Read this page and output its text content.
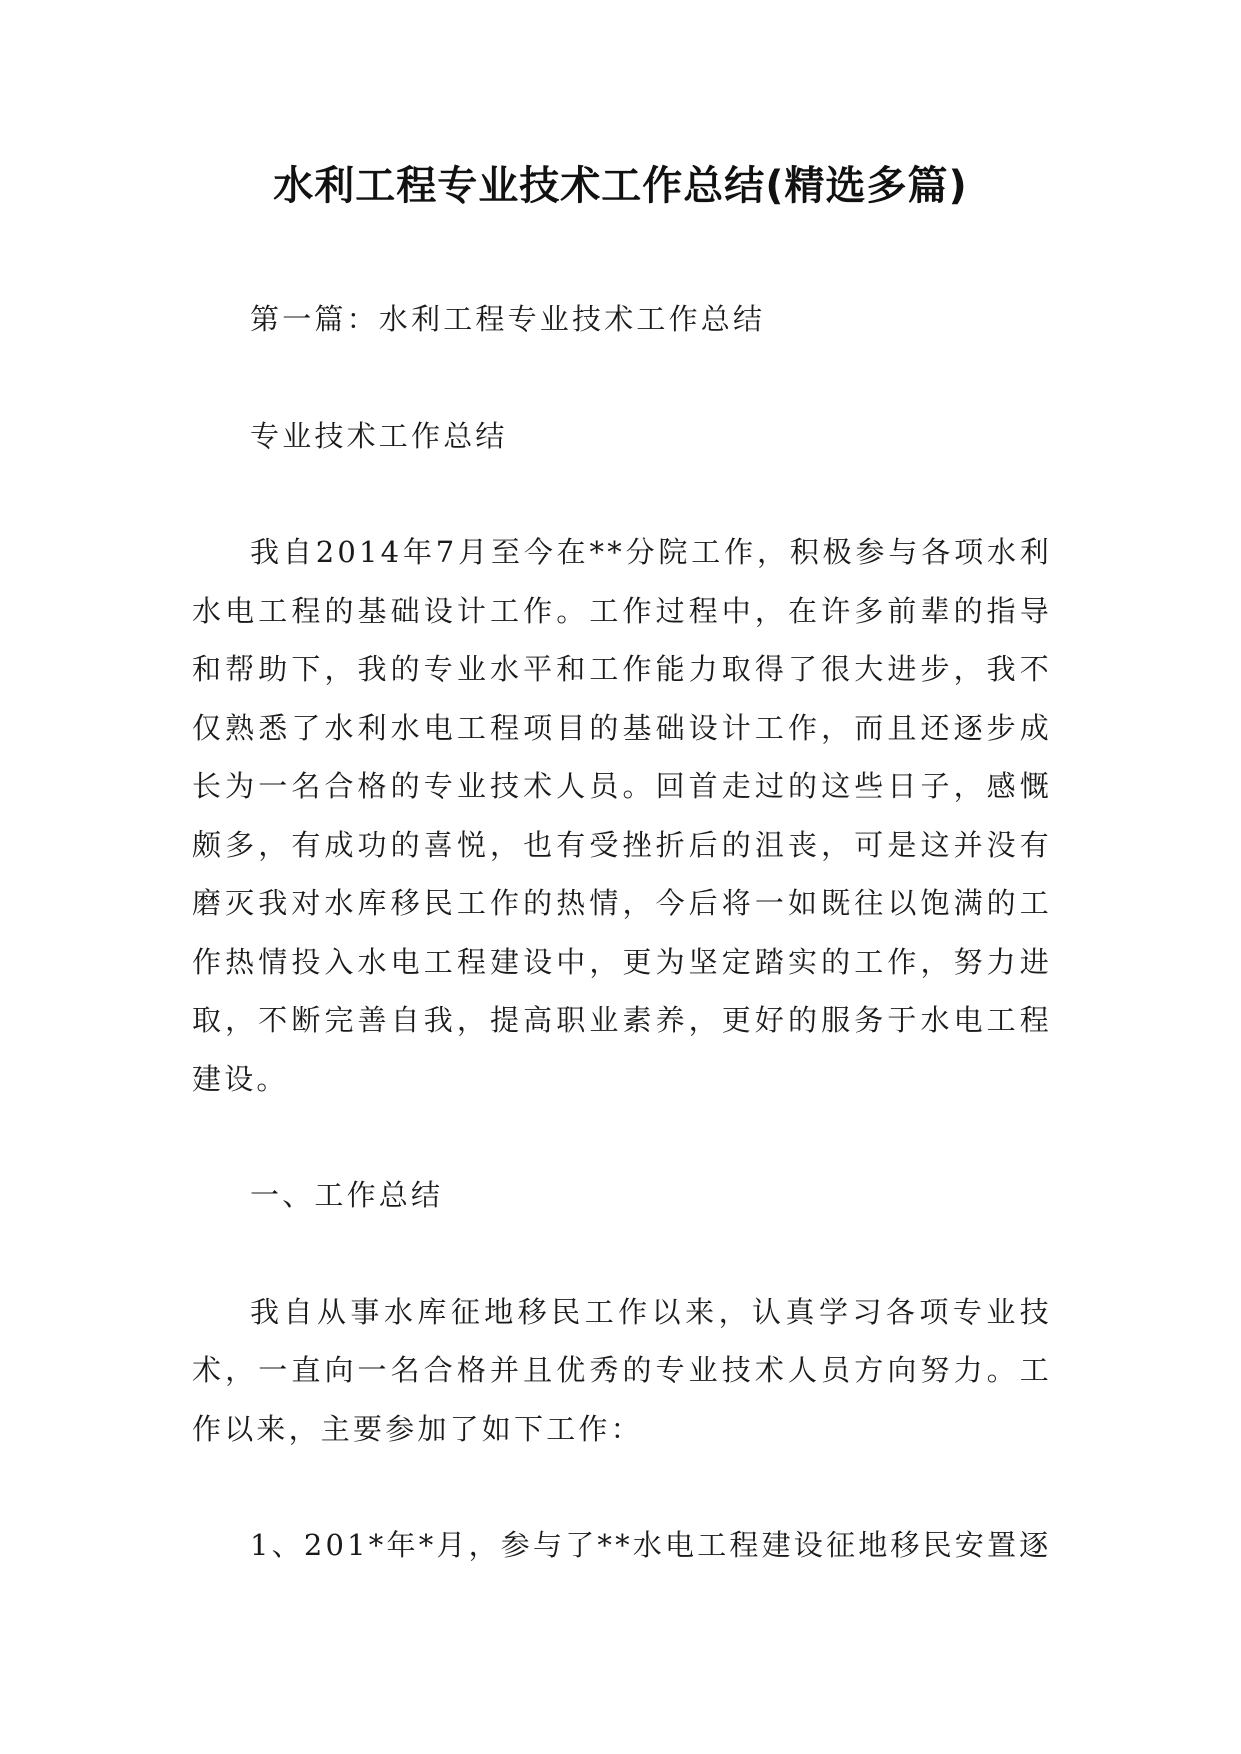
水利工程专业技术工作总结(精选多篇)

第一篇：水利工程专业技术工作总结

专业技术工作总结

我自2014年7月至今在**分院工作，积极参与各项水利水电工程的基础设计工作。工作过程中，在许多前辈的指导和帮助下，我的专业水平和工作能力取得了很大进步，我不仅熟悉了水利水电工程项目的基础设计工作，而且还逐步成长为一名合格的专业技术人员。回首走过的这些日子，感慨颇多，有成功的喜悦，也有受挫折后的沮丧，可是这并没有磨灭我对水库移民工作的热情，今后将一如既往以饱满的工作热情投入水电工程建设中，更为坚定踏实的工作，努力进取，不断完善自我，提高职业素养，更好的服务于水电工程建设。

一、工作总结

我自从事水库征地移民工作以来，认真学习各项专业技术，一直向一名合格并且优秀的专业技术人员方向努力。工作以来，主要参加了如下工作：

1、201*年*月，参与了**水电工程建设征地移民安置逐
